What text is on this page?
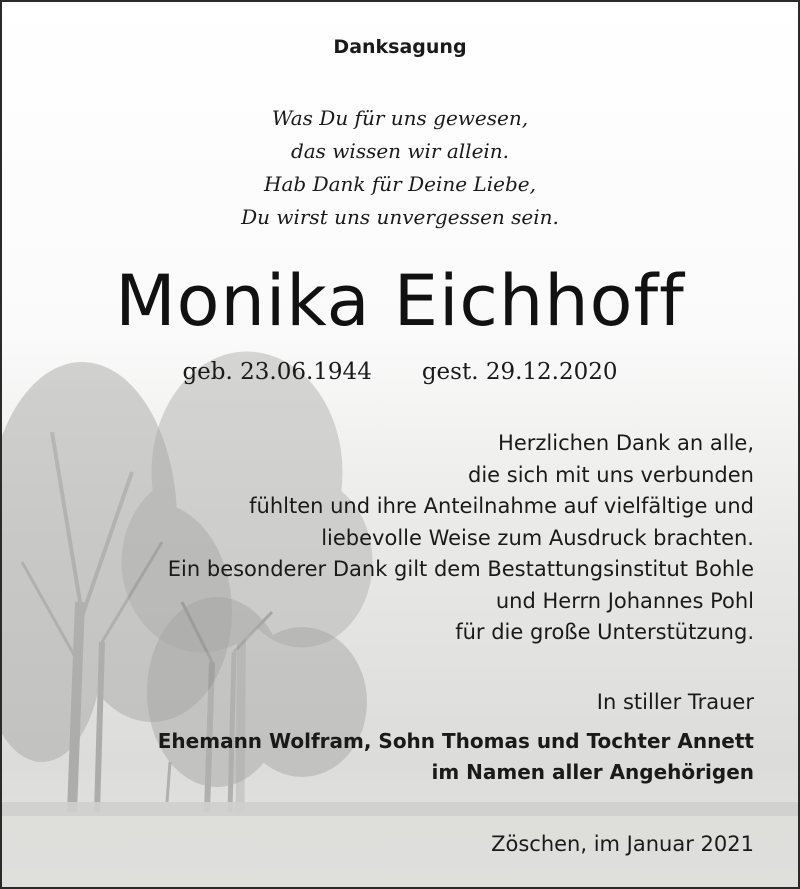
Danksagung
Was Du für uns gewesen,
das wissen wir allein.
Hab Dank für Deine Liebe,
Du wirst uns unvergessen sein.
Monika Eichhoff
geb. 23.06.1944 gest. 29.12.2020
Herzlichen Dank an alle,
die sich mit uns verbunden
fühlten und ihre Anteilnahme auf vielfältige und
liebevolle Weise zum Ausdruck brachten.
Ein besonderer Dank gilt dem Bestattungsinstitut Bohle
und Herrn Johannes Pohl
für die große Unterstützung.
In stiller Trauer
Ehemann Wolfram, Sohn Thomas und Tochter Annett
im Namen aller Angehörigen
Zöschen, im Januar 2021
